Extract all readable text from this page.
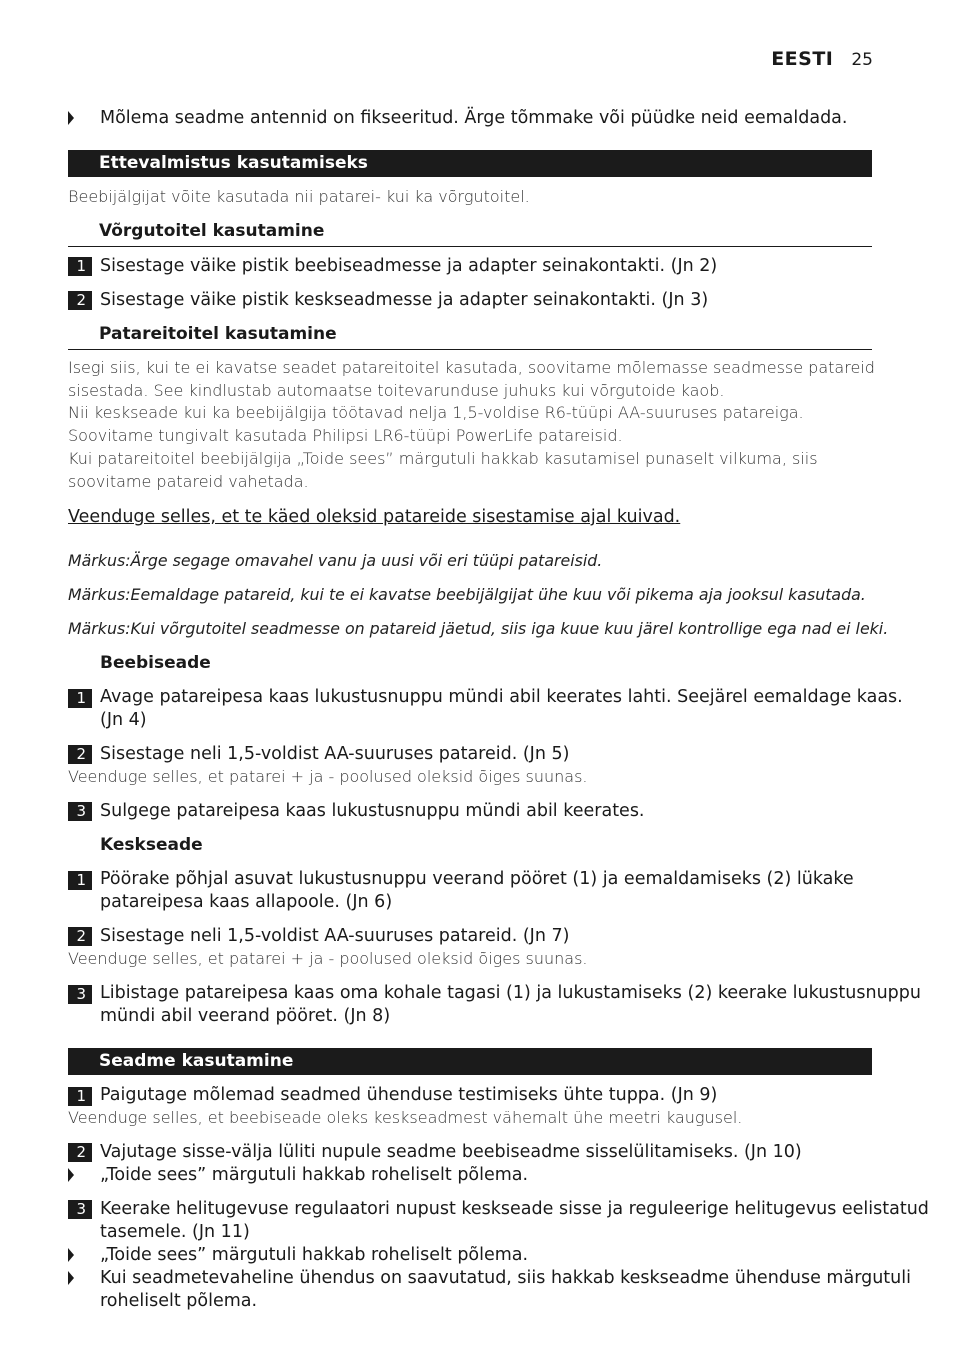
EESTI 25
Mõlema seadme antennid on fikseeritud. Ärge tõmmake või püüdke neid eemaldada.
Ettevalmistus kasutamiseks
Beebijälgijat võite kasutada nii patarei- kui ka võrgutoitel.
Võrgutoitel kasutamine
1 Sisestage väike pistik beebiseadmesse ja adapter seinakontakti. (Jn 2)
2 Sisestage väike pistik keskseadmesse ja adapter seinakontakti. (Jn 3)
Patareitoitel kasutamine
Isegi siis, kui te ei kavatse seadet patareitoitel kasutada, soovitame mõlemasse seadmesse patareid
sisestada. See kindlustab automaatse toitevarunduse juhuks kui võrgutoide kaob.
Nii keskseade kui ka beebijälgija töötavad nelja 1,5-voldise R6-tüüpi AA-suuruses patareiga.
Soovitame tungivalt kasutada Philipsi LR6-tüüpi PowerLife patareisid.
Kui patareitoitel beebijälgija „Toide sees” märgutuli hakkab kasutamisel punaselt vilkuma, siis
soovitame patareid vahetada.
Veenduge selles, et te käed oleksid patareide sisestamise ajal kuivad.
Märkus:Ärge segage omavahel vanu ja uusi või eri tüüpi patareisid.
Märkus:Eemaldage patareid, kui te ei kavatse beebijälgijat ühe kuu või pikema aja jooksul kasutada.
Märkus:Kui võrgutoitel seadmesse on patareid jäetud, siis iga kuue kuu järel kontrollige ega nad ei leki.
Beebiseade
1 Avage patareipesa kaas lukustusnuppu mündi abil keerates lahti. Seejärel eemaldage kaas.
(Jn 4)
2 Sisestage neli 1,5-voldist AA-suuruses patareid. (Jn 5)
Veenduge selles, et patarei + ja - poolused oleksid õiges suunas.
3 Sulgege patareipesa kaas lukustusnuppu mündi abil keerates.
Keskseade
1 Pöörake põhjal asuvat lukustusnuppu veerand pööret (1) ja eemaldamiseks (2) lükake
patareipesa kaas allapoole. (Jn 6)
2 Sisestage neli 1,5-voldist AA-suuruses patareid. (Jn 7)
Veenduge selles, et patarei + ja - poolused oleksid õiges suunas.
3 Libistage patareipesa kaas oma kohale tagasi (1) ja lukustamiseks (2) keerake lukustusnuppu
mündi abil veerand pööret. (Jn 8)
Seadme kasutamine
1 Paigutage mõlemad seadmed ühenduse testimiseks ühte tuppa. (Jn 9)
Veenduge selles, et beebiseade oleks keskseadmest vähemalt ühe meetri kaugusel.
2 Vajutage sisse-välja lüliti nupule seadme beebiseadme sisselülitamiseks. (Jn 10)
„Toide sees” märgutuli hakkab roheliselt põlema.
3 Keerake helitugevuse regulaatori nupust keskseade sisse ja reguleerige helitugevus eelistatud
tasemele. (Jn 11)
„Toide sees” märgutuli hakkab roheliselt põlema.
Kui seadmetevaheline ühendus on saavutatud, siis hakkab keskseadme ühenduse märgutuli
roheliselt põlema.
